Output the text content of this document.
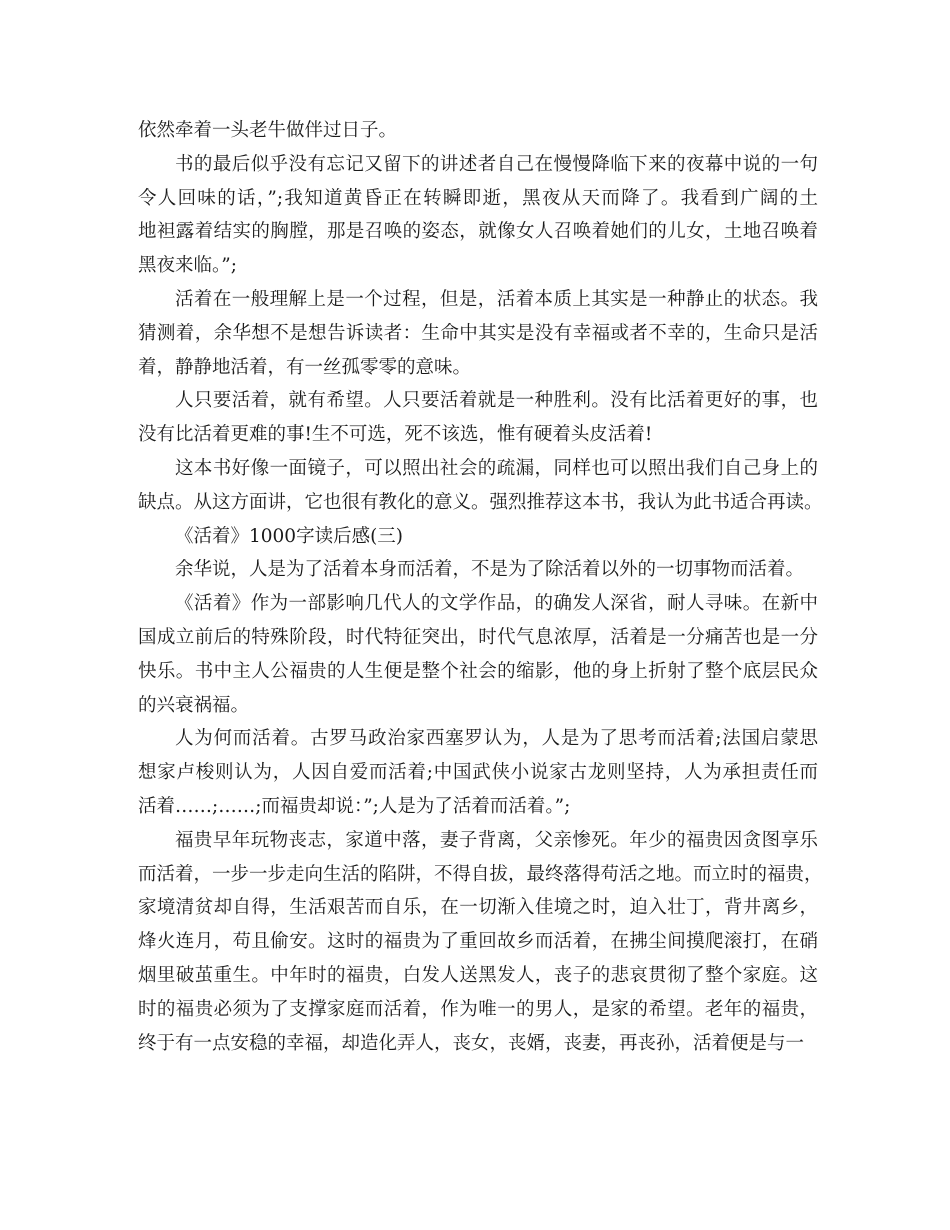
依然牵着一头老牛做伴过日子。
书的最后似乎没有忘记又留下的讲述者自己在慢慢降临下来的夜幕中说的一句
令人回味的话，”;我知道黄昏正在转瞬即逝，黑夜从天而降了。我看到广阔的土
地袒露着结实的胸膛，那是召唤的姿态，就像女人召唤着她们的儿女，土地召唤着
黑夜来临。”;
活着在一般理解上是一个过程，但是，活着本质上其实是一种静止的状态。我
猜测着，余华想不是想告诉读者：生命中其实是没有幸福或者不幸的，生命只是活
着，静静地活着，有一丝孤零零的意味。
人只要活着，就有希望。人只要活着就是一种胜利。没有比活着更好的事，也
没有比活着更难的事!生不可选，死不该选，惟有硬着头皮活着!
这本书好像一面镜子，可以照出社会的疏漏，同样也可以照出我们自己身上的
缺点。从这方面讲，它也很有教化的意义。强烈推荐这本书，我认为此书适合再读。
《活着》1000字读后感(三)
余华说，人是为了活着本身而活着，不是为了除活着以外的一切事物而活着。
《活着》作为一部影响几代人的文学作品，的确发人深省，耐人寻味。在新中
国成立前后的特殊阶段，时代特征突出，时代气息浓厚，活着是一分痛苦也是一分
快乐。书中主人公福贵的人生便是整个社会的缩影，他的身上折射了整个底层民众
的兴衰祸福。
人为何而活着。古罗马政治家西塞罗认为，人是为了思考而活着;法国启蒙思
想家卢梭则认为，人因自爱而活着;中国武侠小说家古龙则坚持，人为承担责任而
活着……;……;而福贵却说：”;人是为了活着而活着。”;
福贵早年玩物丧志，家道中落，妻子背离，父亲惨死。年少的福贵因贪图享乐
而活着，一步一步走向生活的陷阱，不得自拔，最终落得苟活之地。而立时的福贵，
家境清贫却自得，生活艰苦而自乐，在一切渐入佳境之时，迫入壮丁，背井离乡，
烽火连月，苟且偷安。这时的福贵为了重回故乡而活着，在拂尘间摸爬滚打，在硝
烟里破茧重生。中年时的福贵，白发人送黑发人，丧子的悲哀贯彻了整个家庭。这
时的福贵必须为了支撑家庭而活着，作为唯一的男人，是家的希望。老年的福贵，
终于有一点安稳的幸福，却造化弄人，丧女，丧婿，丧妻，再丧孙，活着便是与一
